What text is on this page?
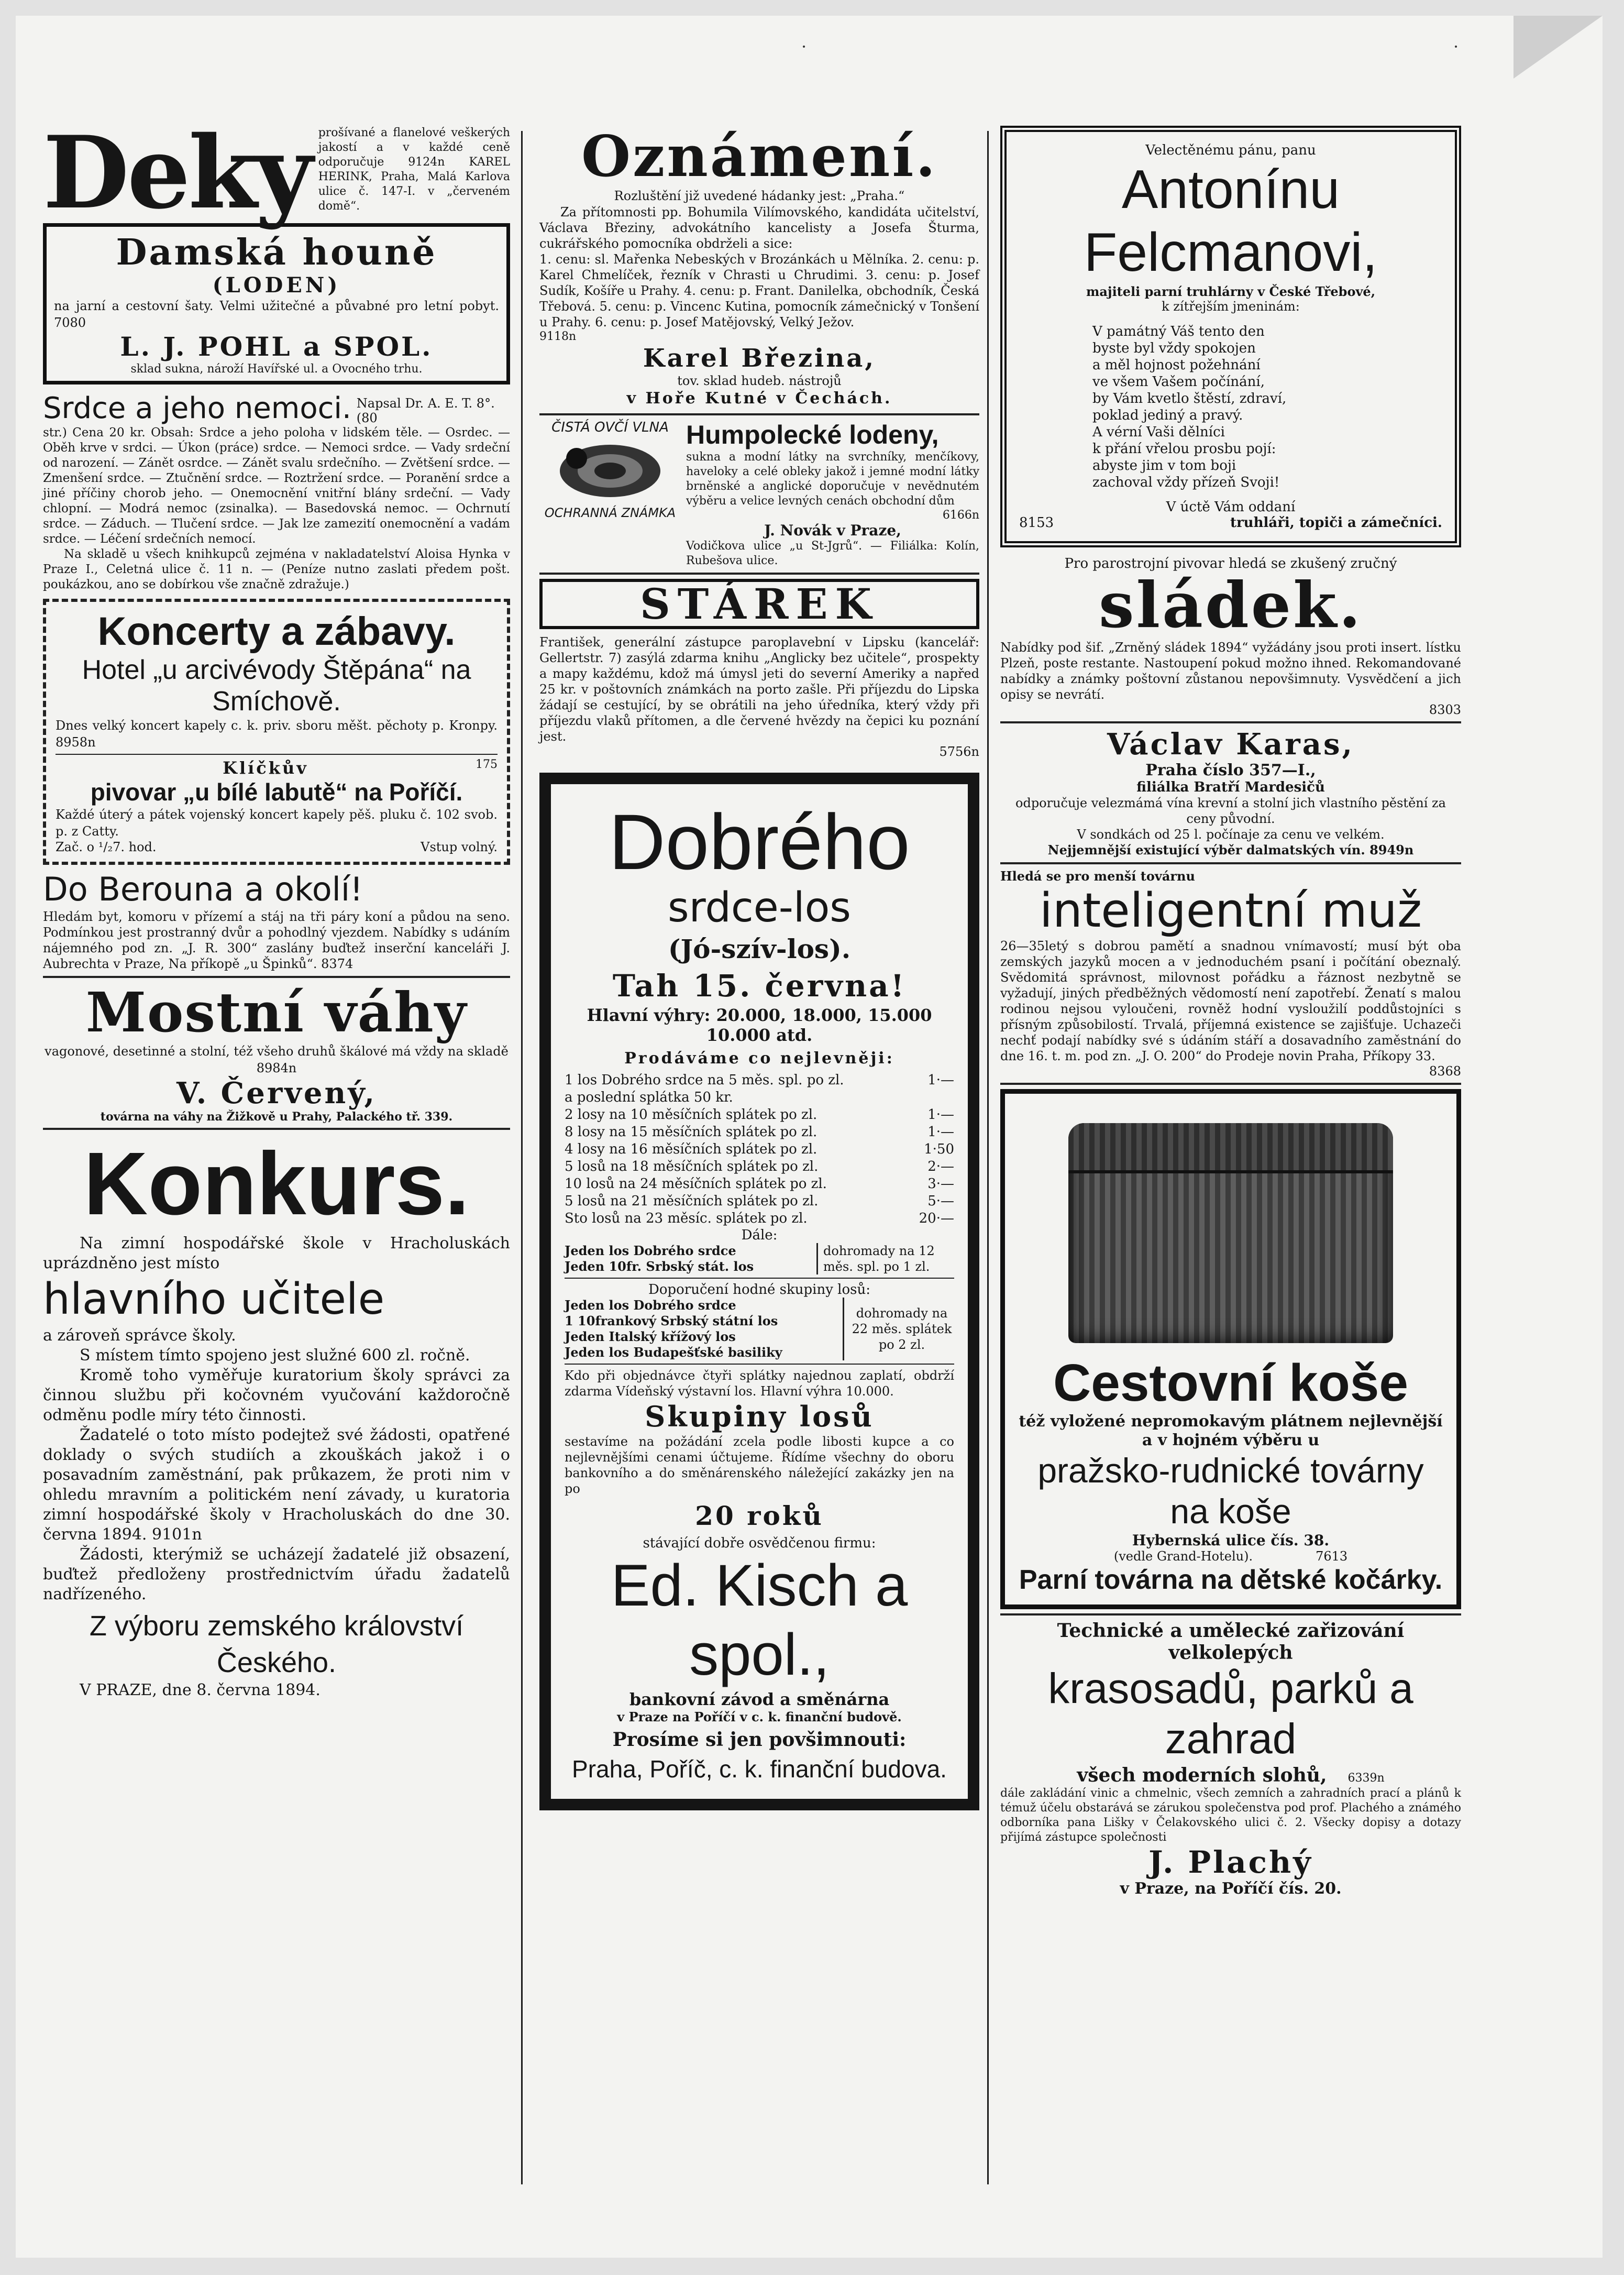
·	·
Deky prošívané a flanelové veškerých jakostí a v každé ceně odporučuje 9124n KAREL HERINK, Praha, Malá Karlova ulice č. 147-I. v „červeném domě“.

Damská houně
(LODEN)

na jarní a cestovní šaty. Velmi užitečné a půvabné pro letní pobyt. 7080

L. J. POHL a SPOL.
sklad sukna, nároží Havířské ul. a Ovocného trhu.
Srdce a jeho nemoci. Napsal Dr. A. E. T. 8°. (80

str.) Cena 20 kr. Obsah: Srdce a jeho poloha v lidském těle. — Osrdec. — Oběh krve v srdci. — Úkon (práce) srdce. — Nemoci srdce. — Vady srdeční od narození. — Zánět osrdce. — Zánět svalu srdečního. — Zvětšení srdce. — Zmenšení srdce. — Ztučnění srdce. — Roztržení srdce. — Poranění srdce a jiné příčiny chorob jeho. — Onemocnění vnitřní blány srdeční. — Vady chlopní. — Modrá nemoc (zsinalka). — Basedovská nemoc. — Ochrnutí srdce. — Záduch. — Tlučení srdce. — Jak lze zamezití onemocnění a vadám srdce. — Léčení srdečních nemocí.

Na skladě u všech knihkupců zejména v nakladatelství Aloisa Hynka v Praze I., Celetná ulice č. 11 n. — (Peníze nutno zaslati předem pošt. poukázkou, ano se dobírkou vše značně zdražuje.)

Koncerty a zábavy.
Hotel „u arcivévody Štěpána“ na Smíchově.

Dnes velký koncert kapely c. k. priv. sboru měšt. pěchoty p. Kronpy. 8958n

Klíčkův	175
pivovar „u bílé labutě“ na Poříčí.

Každé úterý a pátek vojenský koncert kapely pěš. pluku č. 102 svob. p. z Catty.

Zač. o ¹/₂7. hod.	Vstup volný.
Do Berouna a okolí!

Hledám byt, komoru v přízemí a stáj na tři páry koní a půdou na seno. Podmínkou jest prostranný dvůr a pohodlný vjezdem. Nabídky s udáním nájemného pod zn. „J. R. 300“ zaslány buďtež inserční kanceláři J. Aubrechta v Praze, Na příkopě „u Špinků“. 8374

Mostní váhy

vagonové, desetinné a stolní, též všeho druhů škálové má vždy na skladě 8984n

V. Červený,
továrna na váhy na Žižkově u Prahy, Palackého tř. 339.
Konkurs.

Na zimní hospodářské škole v Hracholuskách uprázdněno jest místo

hlavního učitele

a zároveň správce školy.

S místem tímto spojeno jest služné 600 zl. ročně.

Kromě toho vyměřuje kuratorium školy správci za činnou službu při kočovném vyučování každoročně odměnu podle míry této činnosti.

Žadatelé o toto místo podejtež své žádosti, opatřené doklady o svých studiích a zkouškách jakož i o posavadním zaměstnání, pak průkazem, že proti nim v ohledu mravním a politickém není závady, u kuratoria zimní hospodářské školy v Hracholuskách do dne 30. června 1894. 9101n

Žádosti, kterýmiž se ucházejí žadatelé již obsazení, buďtež předloženy prostřednictvím úřadu žadatelů nadřízeného.

Z výboru zemského království Českého.
V PRAZE, dne 8. června 1894.
Oznámení.

Rozluštění již uvedené hádanky jest: „Praha.“

Za přítomnosti pp. Bohumila Vilímovského, kandidáta učitelství, Václava Březiny, advokátního kancelisty a Josefa Šturma, cukrářského pomocníka obdrželi a sice:

1. cenu: sl. Mařenka Nebeských v Brozánkách u Mělníka. 2. cenu: p. Karel Chmelíček, řezník v Chrasti u Chrudimi. 3. cenu: p. Josef Sudík, Košíře u Prahy. 4. cenu: p. Frant. Danilelka, obchodník, Česká Třebová. 5. cenu: p. Vincenc Kutina, pomocník zámečnický v Tonšení u Prahy. 6. cenu: p. Josef Matějovský, Velký Ježov.

9118n
Karel Březina,
tov. sklad hudeb. nástrojů
v Hoře Kutné v Čechách.
ČISTÁ OVČÍ VLNA
OCHRANNÁ ZNÁMKA
Humpolecké lodeny,

sukna a modní látky na svrchníky, menčíkovy, haveloky a celé obleky jakož i jemné modní látky brněnské a anglické doporučuje v nevědnutém výběru a velice levných cenách obchodní dům

6166n
J. Novák v Praze,

Vodičkova ulice „u St-Jgrů“. — Filiálka: Kolín, Rubešova ulice.

STÁREK

František, generální zástupce paroplavební v Lipsku (kancelář: Gellertstr. 7) zasýlá zdarma knihu „Anglicky bez učitele“, prospekty a mapy každému, kdož má úmysl jeti do severní Ameriky a napřed 25 kr. v poštovních známkách na porto zašle. Při příjezdu do Lipska žádají se cestující, by se obrátili na jeho úředníka, který vždy při příjezdu vlaků přítomen, a dle červené hvězdy na čepici ku poznání jest.

5756n
Dobrého
srdce-los
(Jó-szív-los).
Tah 15. června!
Hlavní výhry: 20.000, 18.000, 15.000 10.000 atd.
Prodáváme co nejlevněji:
1 los Dobrého srdce na 5 měs. spl. po zl.	1·—
a poslední splátka 50 kr.
2 losy na 10 měsíčních splátek po zl.	1·—
8 losy na 15 měsíčních splátek po zl.	1·—
4 losy na 16 měsíčních splátek po zl.	1·50
5 losů na 18 měsíčních splátek po zl.	2·—
10 losů na 24 měsíčních splátek po zl.	3·—
5 losů na 21 měsíčních splátek po zl.	5·—
Sto losů na 23 měsíc. splátek po zl.	20·—
Dále:
Jeden los Dobrého srdce
Jeden 10fr. Srbský stát. los
dohromady na 12 měs. spl. po 1 zl.
Doporučení hodné skupiny losů:
Jeden los Dobrého srdce
1 10frankový Srbský státní los
Jeden Italský křížový los
Jeden los Budapešťské basiliky
dohromady na 22 měs. splátek po 2 zl.

Kdo při objednávce čtyři splátky najednou zaplatí, obdrží zdarma Vídeňský výstavní los. Hlavní výhra 10.000.

Skupiny losů

sestavíme na požádání zcela podle libosti kupce a co nejlevnějšími cenami účtujeme. Řídíme všechny do oboru bankovního a do směnárenského náležející zakázky jen na po

20 roků
stávající dobře osvědčenou firmu:
Ed. Kisch a spol.,
bankovní závod a směnárna
v Praze na Poříčí v c. k. finanční budově.
Prosíme si jen povšimnouti:
Praha, Poříč, c. k. finanční budova.
Velectěnému pánu, panu
Antonínu Felcmanovi,
majiteli parní truhlárny v České Třebové,
k zítřejším jmeninám:
V památný Váš tento den
byste byl vždy spokojen
a měl hojnost požehnání
ve všem Vašem počínání,
by Vám kvetlo štěstí, zdraví,
poklad jediný a pravý.
A vérní Vaši dělníci
k přání vřelou prosbu pojí:
abyste jim v tom boji
zachoval vždy přízeň Svoji!
V úctě Vám oddaní
8153	truhláři, topiči a zámečníci.
Pro parostrojní pivovar hledá se zkušený zručný
sládek.

Nabídky pod šif. „Zrněný sládek 1894“ vyžádány jsou proti insert. lístku Plzeň, poste restante. Nastoupení pokud možno ihned. Rekomandované nabídky a známky poštovní zůstanou nepovšimnuty. Vysvědčení a jich opisy se nevrátí.

8303
Václav Karas,
Praha číslo 357—I.,
filiálka Bratří Mardesičů

odporučuje velezmámá vína krevní a stolní jich vlastního pěstění za ceny původní.

V sondkách od 25 l. počínaje za cenu ve velkém.

Nejjemnější existující výběr dalmatských vín. 8949n

Hledá se pro menší továrnu
inteligentní muž

26—35letý s dobrou pamětí a snadnou vnímavostí; musí být oba zemských jazyků mocen a v jednoduchém psaní i počítání obeznalý. Svědomitá správnost, milovnost pořádku a řáznost nezbytně se vyžadují, jiných předběžných vědomostí není zapotřebí. Ženatí s malou rodinou nejsou vyloučeni, rovněž hodní vysloužilí poddůstojníci s přísným způsobilostí. Trvalá, příjemná existence se zajišťuje. Uchazeči nechť podají nabídky své s údáním stáří a dosavadního zaměstnání do dne 16. t. m. pod zn. „J. O. 200“ do Prodeje novin Praha, Příkopy 33.

8368
Cestovní koše

též vyložené nepromokavým plátnem nejlevnější a v hojném výběru u

pražsko-rudnické továrny na koše
Hybernská ulice čís. 38.
(vedle Grand-Hotelu).	7613
Parní továrna na dětské kočárky.
Technické a umělecké zařizování velkolepých
krasosadů, parků a zahrad
všech moderních slohů, 6339n

dále zakládání vinic a chmelnic, všech zemních a zahradních prací a plánů k témuž účelu obstarává se zárukou společenstva pod prof. Plachého a známého odborníka pana Lišky v Čelakovského ulici č. 2. Všecky dopisy a dotazy přijímá zástupce společnosti

J. Plachý
v Praze, na Poříčí čís. 20.
